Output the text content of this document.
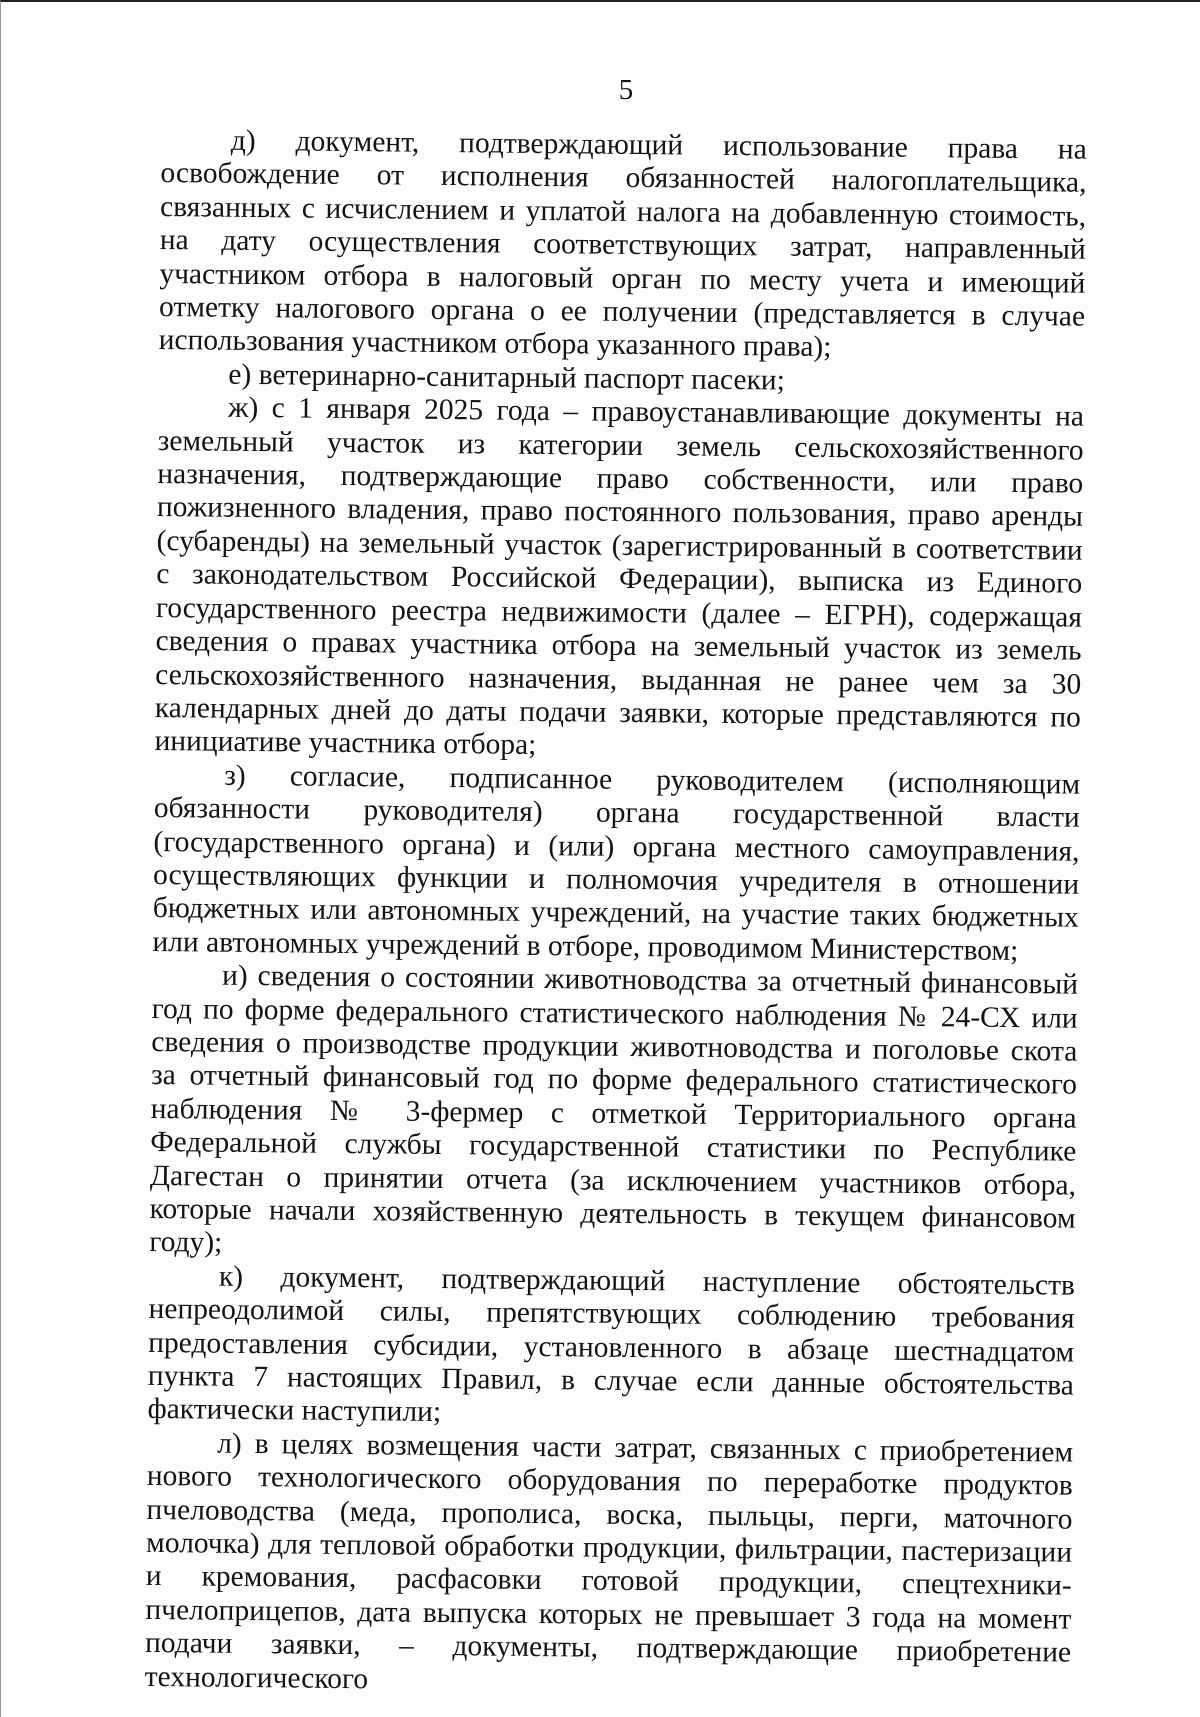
5

д) документ, подтверждающий использование права на освобождение от исполнения обязанностей налогоплательщика, связанных с исчислением и уплатой налога на добавленную стоимость, на дату осуществления соответствующих затрат, направленный участником отбора в налоговый орган по месту учета и имеющий отметку налогового органа о ее получении (представляется в случае использования участником отбора указанного права);

е) ветеринарно-санитарный паспорт пасеки;

ж) с 1 января 2025 года – правоустанавливающие документы на земельный участок из категории земель сельскохозяйственного назначения, подтверждающие право собственности, или право пожизненного владения, право постоянного пользования, право аренды (субаренды) на земельный участок (зарегистрированный в соответствии с законодательством Российской Федерации), выписка из Единого государственного реестра недвижимости (далее – ЕГРН), содержащая сведения о правах участника отбора на земельный участок из земель сельскохозяйственного назначения, выданная не ранее чем за 30 календарных дней до даты подачи заявки, которые представляются по инициативе участника отбора;

з) согласие, подписанное руководителем (исполняющим обязанности руководителя) органа государственной власти (государственного органа) и (или) органа местного самоуправления, осуществляющих функции и полномочия учредителя в отношении бюджетных или автономных учреждений, на участие таких бюджетных или автономных учреждений в отборе, проводимом Министерством;

и) сведения о состоянии животноводства за отчетный финансовый год по форме федерального статистического наблюдения № 24-СХ или сведения о производстве продукции животноводства и поголовье скота за отчетный финансовый год по форме федерального статистического наблюдения № 3-фермер с отметкой Территориального органа Федеральной службы государственной статистики по Республике Дагестан о принятии отчета (за исключением участников отбора, которые начали хозяйственную деятельность в текущем финансовом году);

к) документ, подтверждающий наступление обстоятельств непреодолимой силы, препятствующих соблюдению требования предоставления субсидии, установленного в абзаце шестнадцатом пункта 7 настоящих Правил, в случае если данные обстоятельства фактически наступили;

л) в целях возмещения части затрат, связанных с приобретением нового технологического оборудования по переработке продуктов пчеловодства (меда, прополиса, воска, пыльцы, перги, маточного молочка) для тепловой обработки продукции, фильтрации, пастеризации и кремования, расфасовки готовой продукции, спецтехники-пчелоприцепов, дата выпуска которых не превышает 3 года на момент подачи заявки, – документы, подтверждающие приобретение технологического
